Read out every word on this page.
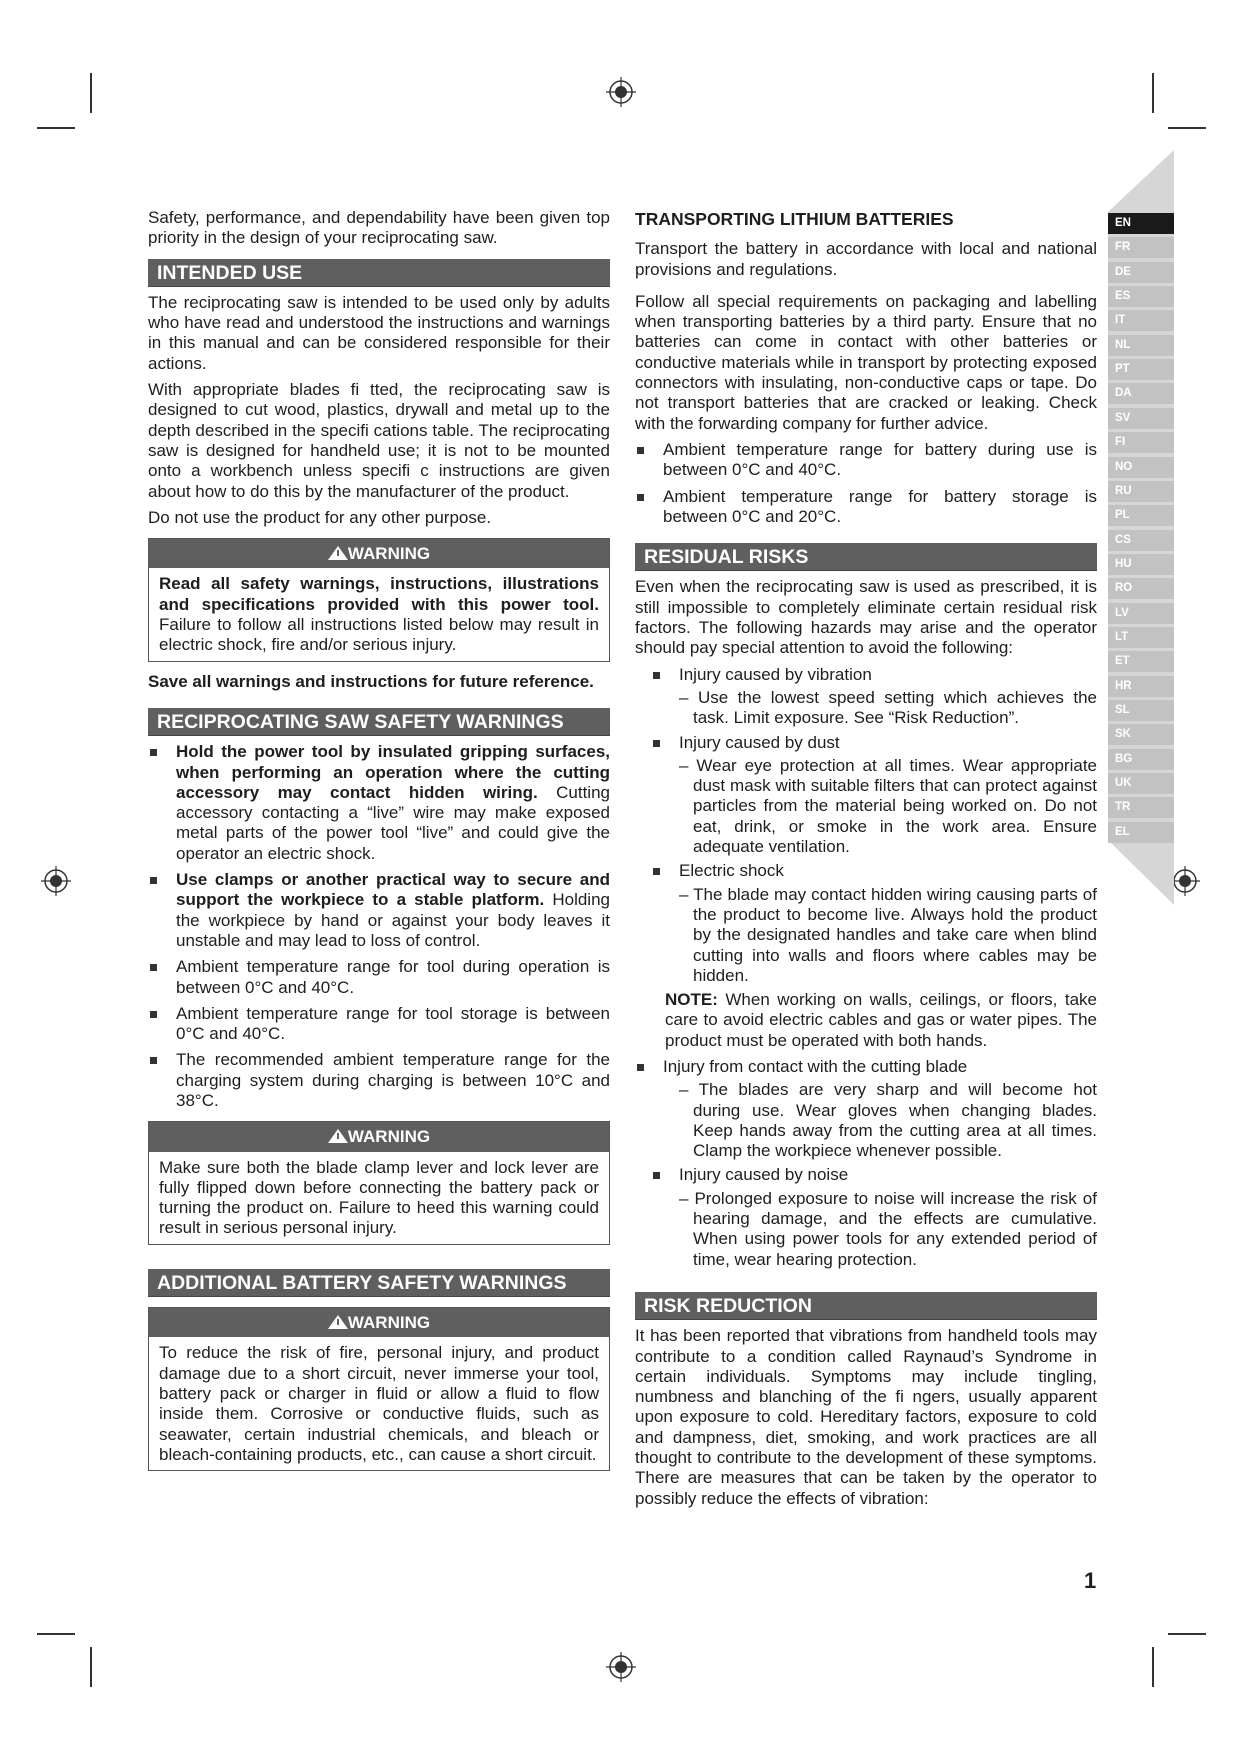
EN
FR
DE
ES
IT
NL
PT
DA
SV
FI
NO
RU
PL
CS
HU
RO
LV
LT
ET
HR
SL
SK
BG
UK
TR
EL

Safety, performance, and dependability have been given top priority in the design of your reciprocating saw.

INTENDED USE

The reciprocating saw is intended to be used only by adults who have read and understood the instructions and warnings in this manual and can be considered responsible for their actions.

With appropriate blades fi tted, the reciprocating saw is designed to cut wood, plastics, drywall and metal up to the depth described in the specifi cations table. The reciprocating saw is designed for handheld use; it is not to be mounted onto a workbench unless specifi c instructions are given about how to do this by the manufacturer of the product.

Do not use the product for any other purpose.

WARNING

Read all safety warnings, instructions, illustrations and specifications provided with this power tool. Failure to follow all instructions listed below may result in electric shock, fire and/or serious injury.

Save all warnings and instructions for future reference.

RECIPROCATING SAW SAFETY WARNINGS
Hold the power tool by insulated gripping surfaces, when performing an operation where the cutting accessory may contact hidden wiring. Cutting accessory contacting a “live” wire may make exposed metal parts of the power tool “live” and could give the operator an electric shock.
Use clamps or another practical way to secure and support the workpiece to a stable platform. Holding the workpiece by hand or against your body leaves it unstable and may lead to loss of control.
Ambient temperature range for tool during operation is between 0°C and 40°C.
Ambient temperature range for tool storage is between 0°C and 40°C.
The recommended ambient temperature range for the charging system during charging is between 10°C and 38°C.
WARNING

Make sure both the blade clamp lever and lock lever are fully flipped down before connecting the battery pack or turning the product on. Failure to heed this warning could result in serious personal injury.

ADDITIONAL BATTERY SAFETY WARNINGS
WARNING

To reduce the risk of fire, personal injury, and product damage due to a short circuit, never immerse your tool, battery pack or charger in fluid or allow a fluid to flow inside them. Corrosive or conductive fluids, such as seawater, certain industrial chemicals, and bleach or bleach-containing products, etc., can cause a short circuit.

TRANSPORTING LITHIUM BATTERIES

Transport the battery in accordance with local and national provisions and regulations.

Follow all special requirements on packaging and labelling when transporting batteries by a third party. Ensure that no batteries can come in contact with other batteries or conductive materials while in transport by protecting exposed connectors with insulating, non-conductive caps or tape. Do not transport batteries that are cracked or leaking. Check with the forwarding company for further advice.

Ambient temperature range for battery during use is between 0°C and 40°C.
Ambient temperature range for battery storage is between 0°C and 20°C.
RESIDUAL RISKS

Even when the reciprocating saw is used as prescribed, it is still impossible to completely eliminate certain residual risk factors. The following hazards may arise and the operator should pay special attention to avoid the following:

Injury caused by vibration
– Use the lowest speed setting which achieves the task. Limit exposure. See “Risk Reduction”.
Injury caused by dust
– Wear eye protection at all times. Wear appropriate dust mask with suitable filters that can protect against particles from the material being worked on. Do not eat, drink, or smoke in the work area. Ensure adequate ventilation.
Electric shock
– The blade may contact hidden wiring causing parts of the product to become live. Always hold the product by the designated handles and take care when blind cutting into walls and floors where cables may be hidden.

NOTE: When working on walls, ceilings, or floors, take care to avoid electric cables and gas or water pipes. The product must be operated with both hands.

Injury from contact with the cutting blade
– The blades are very sharp and will become hot during use. Wear gloves when changing blades. Keep hands away from the cutting area at all times. Clamp the workpiece whenever possible.
Injury caused by noise
– Prolonged exposure to noise will increase the risk of hearing damage, and the effects are cumulative. When using power tools for any extended period of time, wear hearing protection.
RISK REDUCTION

It has been reported that vibrations from handheld tools may contribute to a condition called Raynaud’s Syndrome in certain individuals. Symptoms may include tingling, numbness and blanching of the fi ngers, usually apparent upon exposure to cold. Hereditary factors, exposure to cold and dampness, diet, smoking, and work practices are all thought to contribute to the development of these symptoms. There are measures that can be taken by the operator to possibly reduce the effects of vibration:

1
